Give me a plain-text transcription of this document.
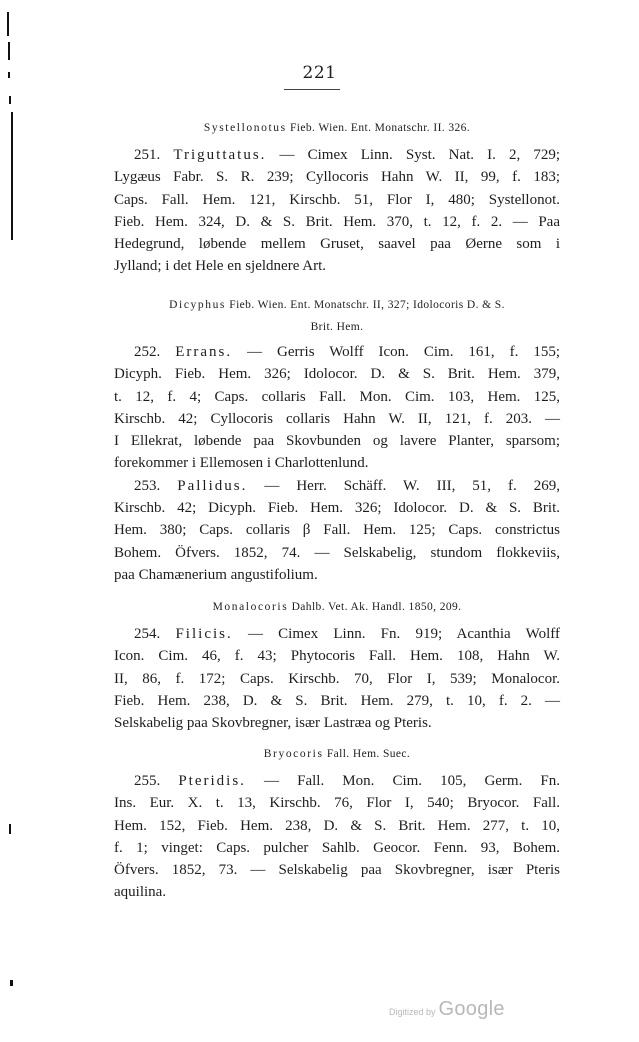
221
Systellonotus Fieb. Wien. Ent. Monatschr. II. 326.
251. Triguttatus. — Cimex Linn. Syst. Nat. I. 2, 729;
Lygæus Fabr. S. R. 239; Cyllocoris Hahn W. II, 99, f. 183;
Caps. Fall. Hem. 121, Kirschb. 51, Flor I, 480; Systellonot.
Fieb. Hem. 324, D. & S. Brit. Hem. 370, t. 12, f. 2. — Paa
Hedegrund, løbende mellem Gruset, saavel paa Øerne som i
Jylland; i det Hele en sjeldnere Art.
Dicyphus Fieb. Wien. Ent. Monatschr. II, 327; Idolocoris D. & S.
Brit. Hem.
252. Errans. — Gerris Wolff Icon. Cim. 161, f. 155;
Dicyph. Fieb. Hem. 326; Idolocor. D. & S. Brit. Hem. 379,
t. 12, f. 4; Caps. collaris Fall. Mon. Cim. 103, Hem. 125,
Kirschb. 42; Cyllocoris collaris Hahn W. II, 121, f. 203. —
I Ellekrat, løbende paa Skovbunden og lavere Planter, sparsom;
forekommer i Ellemosen i Charlottenlund.
253. Pallidus. — Herr. Schäff. W. III, 51, f. 269,
Kirschb. 42; Dicyph. Fieb. Hem. 326; Idolocor. D. & S. Brit.
Hem. 380; Caps. collaris β Fall. Hem. 125; Caps. constrictus
Bohem. Öfvers. 1852, 74. — Selskabelig, stundom flokkeviis,
paa Chamænerium angustifolium.
Monalocoris Dahlb. Vet. Ak. Handl. 1850, 209.
254. Filicis. — Cimex Linn. Fn. 919; Acanthia Wolff
Icon. Cim. 46, f. 43; Phytocoris Fall. Hem. 108, Hahn W.
II, 86, f. 172; Caps. Kirschb. 70, Flor I, 539; Monalocor.
Fieb. Hem. 238, D. & S. Brit. Hem. 279, t. 10, f. 2. —
Selskabelig paa Skovbregner, især Lastræa og Pteris.
Bryocoris Fall. Hem. Suec.
255. Pteridis. — Fall. Mon. Cim. 105, Germ. Fn.
Ins. Eur. X. t. 13, Kirschb. 76, Flor I, 540; Bryocor. Fall.
Hem. 152, Fieb. Hem. 238, D. & S. Brit. Hem. 277, t. 10,
f. 1; vinget: Caps. pulcher Sahlb. Geocor. Fenn. 93, Bohem.
Öfvers. 1852, 73. — Selskabelig paa Skovbregner, især Pteris
aquilina.
Digitized by Google
